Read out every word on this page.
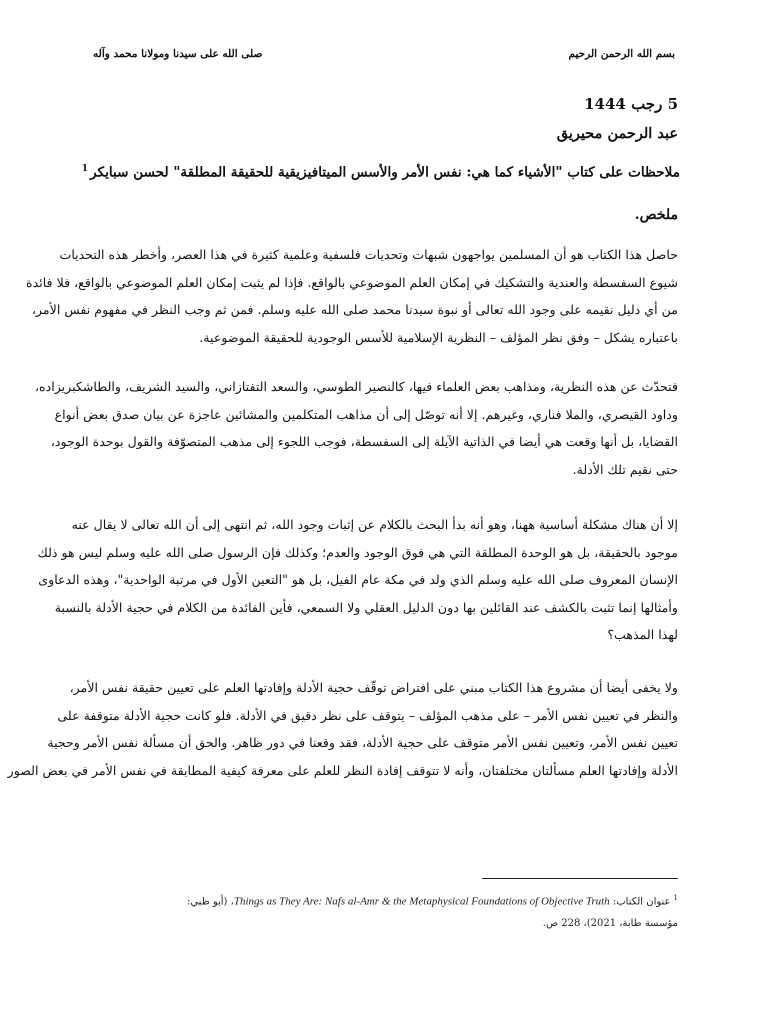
بسم الله الرحمن الرحيم
صلى الله على سيدنا ومولانا محمد وآله
5 رجب 1444
عبد الرحمن محيريق
ملاحظات على كتاب "الأشياء كما هي: نفس الأمر والأسس الميتافيزيقية للحقيقة المطلقة" لحسن سبايكر$^1$
ملخص.
حاصل هذا الكتاب هو أن المسلمين يواجهون شبهات وتحديات فلسفية وعلمية كثيرة في هذا العصر، وأخطر هذه التحديات
شيوع السفسطة والعندية والتشكيك في إمكان العلم الموضوعي بالواقع. فإذا لم يثبت إمكان العلم الموضوعي بالواقع، فلا فائدة
من أي دليل نقيمه على وجود الله تعالى أو نبوة سيدنا محمد صلى الله عليه وسلم. فمن ثم وجب النظر في مفهوم نفس الأمر،
باعتباره يشكل – وفق نظر المؤلف – النظرية الإسلامية للأسس الوجودية للحقيقة الموضوعية.
فتحدّث عن هذه النظرية، ومذاهب بعض العلماء فيها، كالنصير الطوسي، والسعد التفتازاني، والسيد الشريف، والطاشكبريزاده،
وداود القيصري، والملا فناري، وغيرهم. إلا أنه توصّل إلى أن مذاهب المتكلمين والمشائين عاجزة عن بيان صدق بعض أنواع
القضايا، بل أنها وقعت هي أيضا في الذاتية الآيلة إلى السفسطة، فوجب اللجوء إلى مذهب المتصوّفة والقول بوحدة الوجود،
حتى نقيم تلك الأدلة.
إلا أن هناك مشكلة أساسية ههنا، وهو أنه بدأ البحث بالكلام عن إثبات وجود الله، ثم انتهى إلى أن الله تعالى لا يقال عنه
موجود بالحقيقة، بل هو الوحدة المطلقة التي هي فوق الوجود والعدم؛ وكذلك فإن الرسول صلى الله عليه وسلم ليس هو ذلك
الإنسان المعروف صلى الله عليه وسلم الذي ولد في مكة عام الفيل، بل هو "التعين الأول في مرتبة الواحدية"، وهذه الدعاوى
وأمثالها إنما تثبت بالكشف عند القائلين بها دون الدليل العقلي ولا السمعي، فأين الفائدة من الكلام في حجية الأدلة بالنسبة
لهذا المذهب؟
ولا يخفى أيضا أن مشروع هذا الكتاب مبني على افتراض توقّف حجية الأدلة وإفادتها العلم على تعيين حقيقة نفس الأمر،
والنظر في تعيين نفس الأمر – على مذهب المؤلف – يتوقف على نظر دقيق في الأدلة. فلو كانت حجية الأدلة متوقفة على
تعيين نفس الأمر، وتعيين نفس الأمر متوقف على حجية الأدلة، فقد وقعنا في دور ظاهر. والحق أن مسألة نفس الأمر وحجية
الأدلة وإفادتها العلم مسألتان مختلفتان، وأنه لا تتوقف إفادة النظر للعلم على معرفة كيفية المطابقة في نفس الأمر في بعض الصور
$^1$عنوان الكتاب: Things as They Are: Nafs al-Amr & the Metaphysical Foundations of Objective Truth، (أبو ظبي:
مؤسسة طابة، 2021)، 228 ص.
